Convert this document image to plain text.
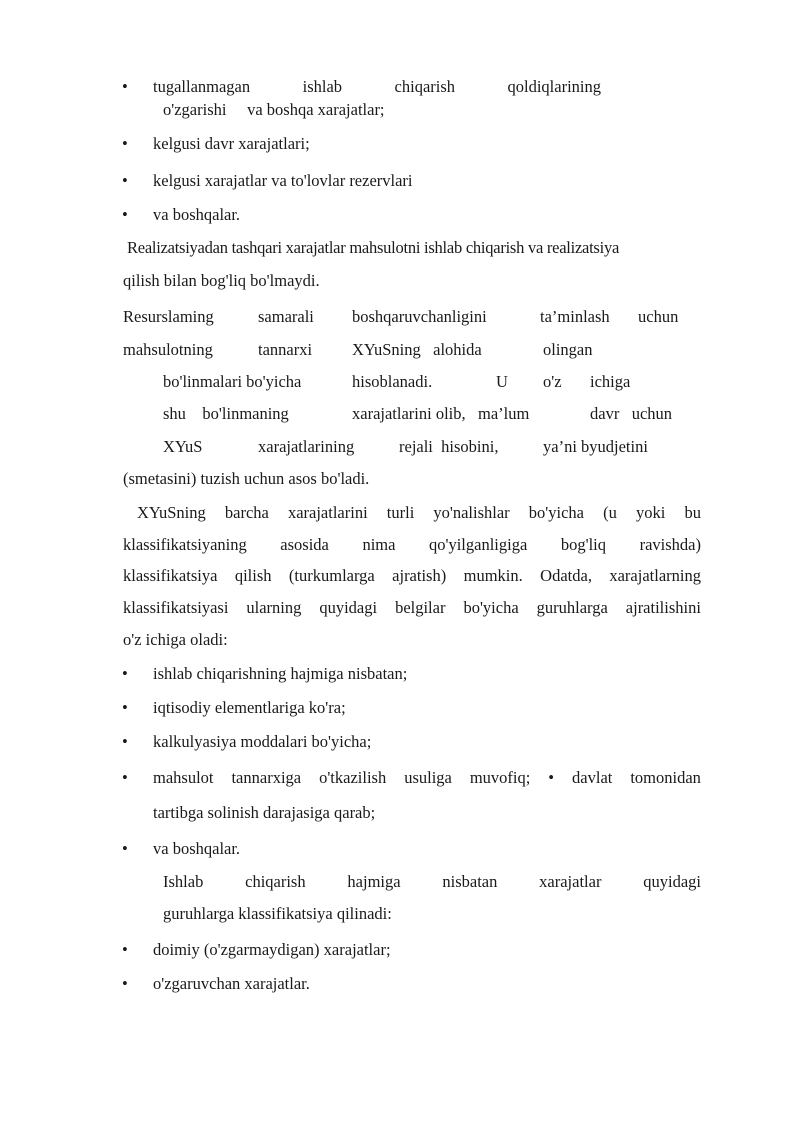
•	tugallanmagan	ishlab	chiqarish	qoldiqlarining
o'zgarishi     va boshqa xarajatlar;
•	kelgusi davr xarajatlari;
•	kelgusi xarajatlar va to'lovlar rezervlari
•	va boshqalar.
Realizatsiyadan tashqari xarajatlar mahsulotni ishlab chiqarish va realizatsiya
qilish bilan bog'liq bo'lmaydi.
Resurslaming	samarali boshqaruvchanligini	ta’minlash uchun
mahsulotning	tannarxi XYuSning   alohida	olingan
bo'linmalari bo'yicha	hisoblanadi.	U o'z ichiga
shu    bo'linmaning	xarajatlarini olib,   ma’lum	davr   uchun
XYuS	xarajatlarining	rejali  hisobini,	ya’ni byudjetini
(smetasini) tuzish uchun asos bo'ladi.
XYuSning barcha xarajatlarini turli yo'nalishlar bo'yicha (u yoki bu
klassifikatsiyaning asosida nima qo'yilganligiga bog'liq ravishda)
klassifikatsiya qilish (turkumlarga ajratish) mumkin. Odatda, xarajatlarning
klassifikatsiyasi ularning quyidagi belgilar bo'yicha guruhlarga ajratilishini
o'z ichiga oladi:
•	ishlab chiqarishning hajmiga nisbatan;
•	iqtisodiy elementlariga ko'ra;
•	kalkulyasiya moddalari bo'yicha;
•	mahsulot tannarxiga o'tkazilish usuliga muvofiq; • davlat tomonidan
tartibga solinish darajasiga qarab;
•	va boshqalar.
Ishlab	chiqarish	hajmiga	nisbatan	xarajatlar	quyidagi
guruhlarga klassifikatsiya qilinadi:
•	doimiy (o'zgarmaydigan) xarajatlar;
•	o'zgaruvchan xarajatlar.
